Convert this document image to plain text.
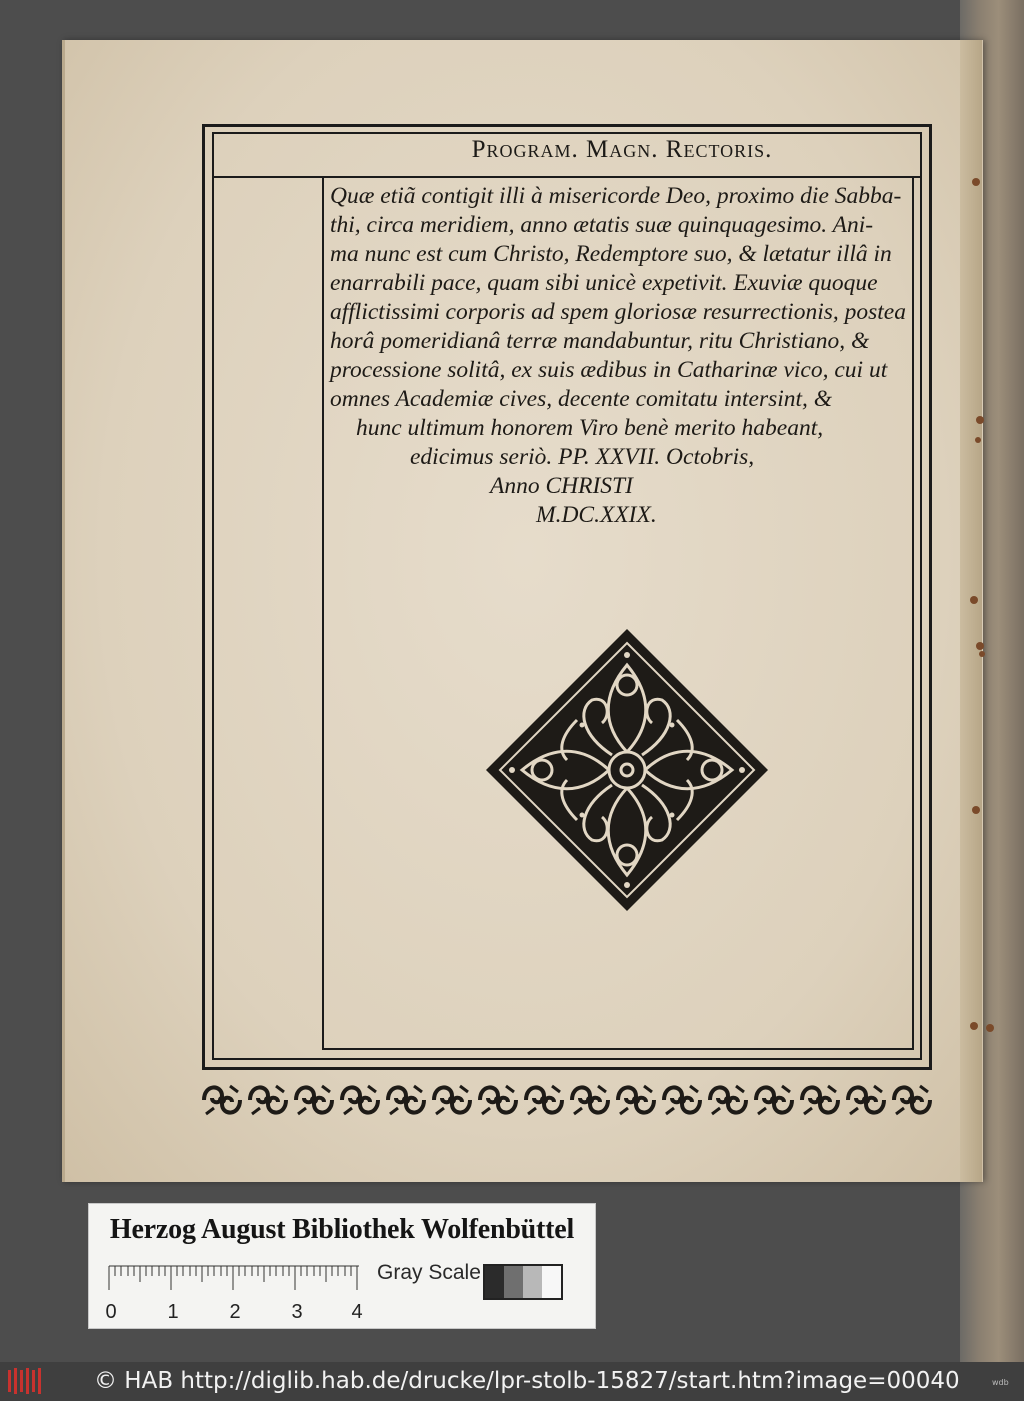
Program. Magn. Rectoris.
Quæ etiã contigit illi à misericorde Deo, proximo die Sabba-
thi, circa meridiem, anno ætatis suæ quinquagesimo. Ani-
ma nunc est cum Christo, Redemptore suo, & lætatur illâ in
enarrabili pace, quam sibi unicè expetivit. Exuviæ quoque
afflictissimi corporis ad spem gloriosæ resurrectionis, postea
horâ pomeridianâ terræ mandabuntur, ritu Christiano, &
processione solitâ, ex suis ædibus in Catharinæ vico, cui ut
omnes Academiæ cives, decente comitatu intersint, &
hunc ultimum honorem Viro benè merito habeant,
edicimus seriò. PP. XXVII. Octobris,
Anno CHRISTI
M.DC.XXIX.
Herzog August Bibliothek Wolfenbüttel
0	1	2	3 4
Gray Scale
© HAB http://diglib.hab.de/drucke/lpr-stolb-15827/start.htm?image=00040	wdb
